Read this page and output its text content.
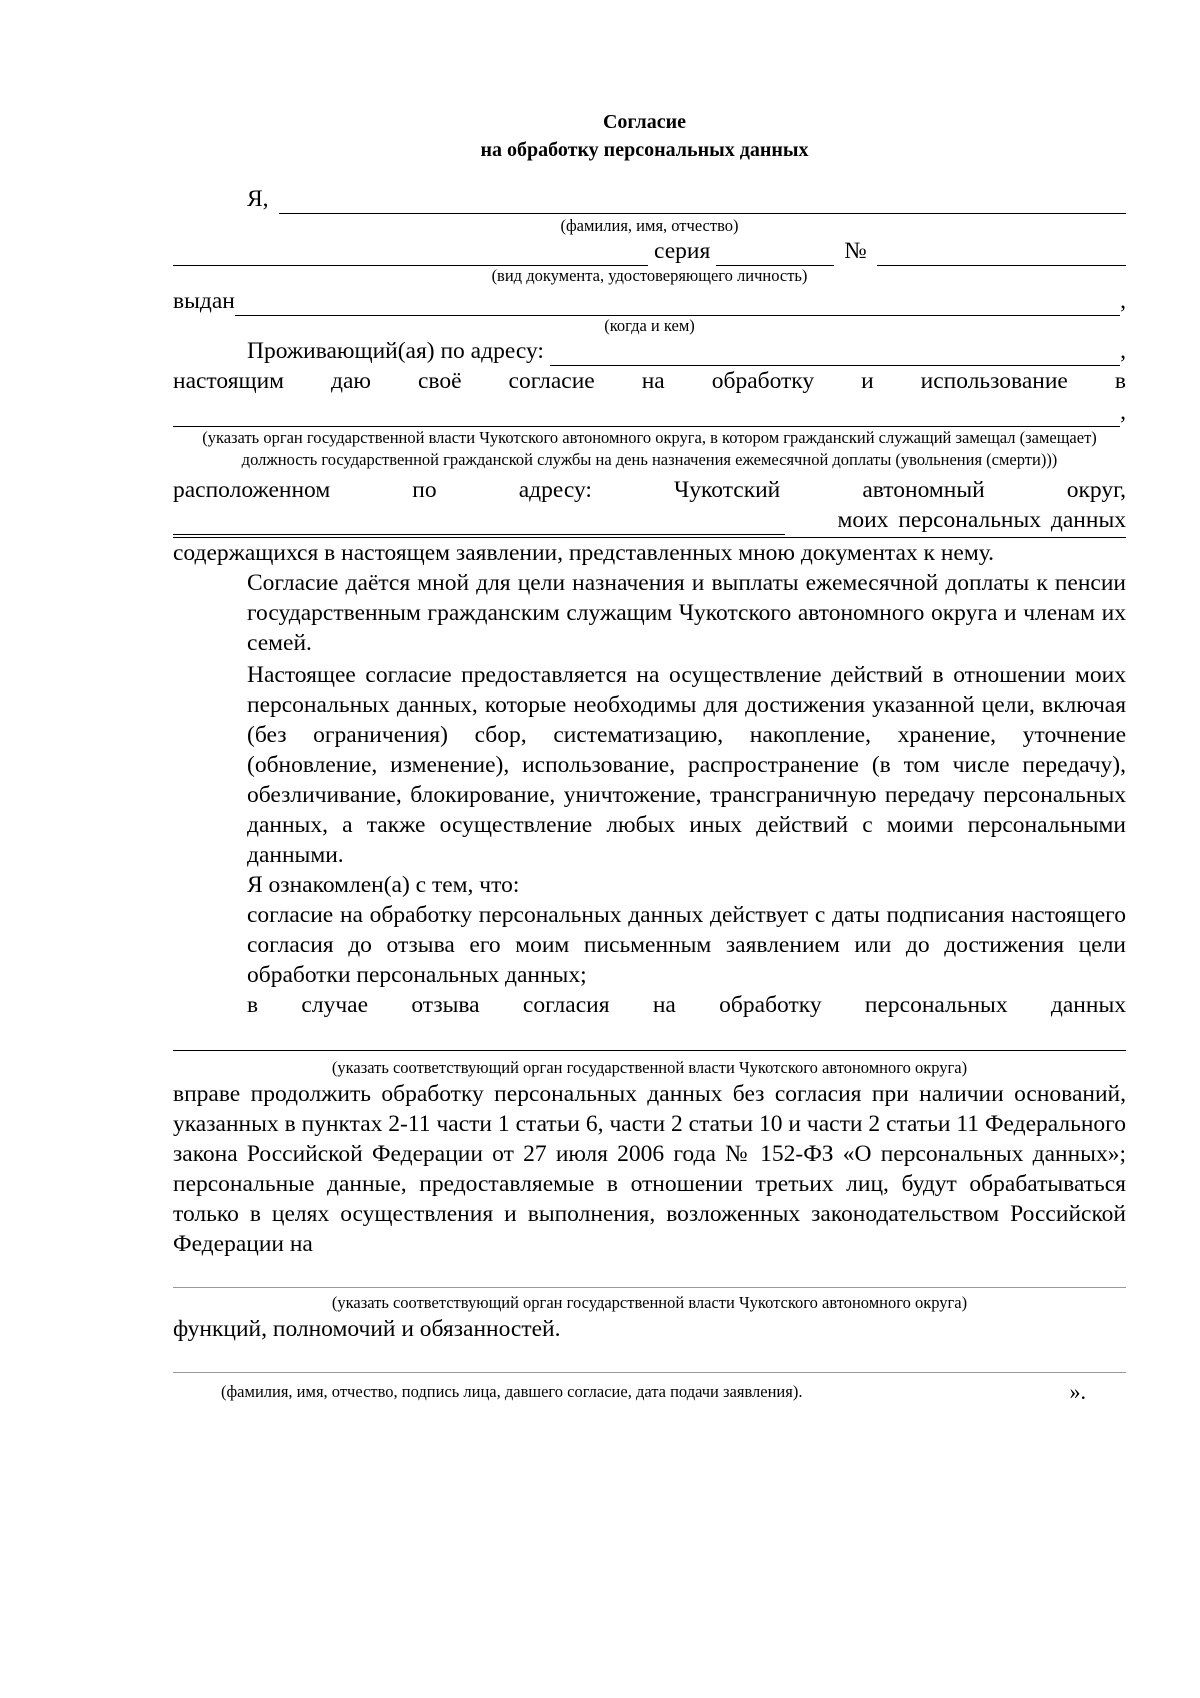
Согласие
на обработку персональных данных
Я,
(фамилия, имя, отчество)
серия	№
(вид документа, удостоверяющего личность)
выдан	,
(когда и кем)
Проживающий(ая) по адресу:	,
настоящим даю своё согласие на обработку и использование в
,
(указать орган государственной власти Чукотского автономного округа, в котором гражданский служащий замещал (замещает) должность государственной гражданской службы на день назначения ежемесячной доплаты (увольнения (смерти)))
расположенном	по	адресу:	Чукотский	автономный	округ,
моих персональных данных

содержащихся в настоящем заявлении, представленных мною документах к нему.

Согласие даётся мной для цели назначения и выплаты ежемесячной доплаты к пенсии государственным гражданским служащим Чукотского автономного округа и членам их семей.

Настоящее согласие предоставляется на осуществление действий в отношении моих персональных данных, которые необходимы для достижения указанной цели, включая (без ограничения) сбор, систематизацию, накопление, хранение, уточнение (обновление, изменение), использование, распространение (в том числе передачу), обезличивание, блокирование, уничтожение, трансграничную передачу персональных данных, а также осуществление любых иных действий с моими персональными данными.

Я ознакомлен(а) с тем, что:

согласие на обработку персональных данных действует с даты подписания настоящего согласия до отзыва его моим письменным заявлением или до достижения цели обработки персональных данных;

в случае отзыва согласия на обработку персональных данных

(указать соответствующий орган государственной власти Чукотского автономного округа)

вправе продолжить обработку персональных данных без согласия при наличии оснований, указанных в пунктах 2-11 части 1 статьи 6, части 2 статьи 10 и части 2 статьи 11 Федерального закона Российской Федерации от 27 июля 2006 года № 152-ФЗ «О персональных данных»; персональные данные, предоставляемые в отношении третьих лиц, будут обрабатываться только в целях осуществления и выполнения, возложенных законодательством Российской Федерации на

(указать соответствующий орган государственной власти Чукотского автономного округа)

функций, полномочий и обязанностей.

(фамилия, имя, отчество, подпись лица, давшего согласие, дата подачи заявления).	».
